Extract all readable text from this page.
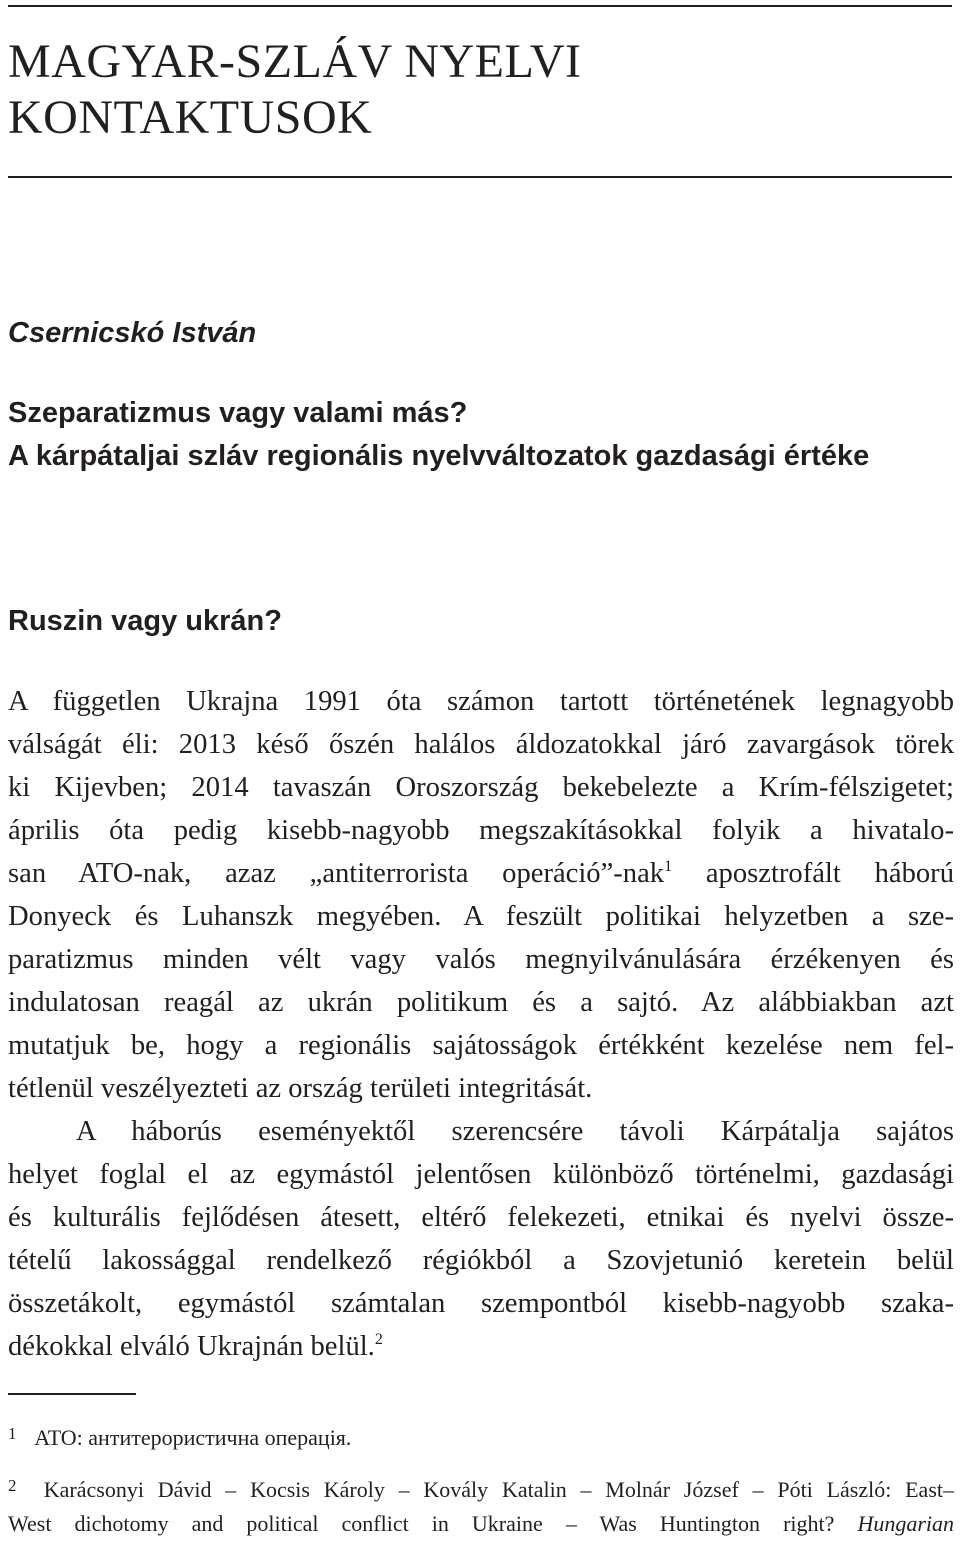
MAGYAR-SZLÁV NYELVI
KONTAKTUSOK

Csernicskó István

Szeparatizmus vagy valami más?
A kárpátaljai szláv regionális nyelvváltozatok gazdasági értéke
Ruszin vagy ukrán?

A független Ukrajna 1991 óta számon tartott történetének legnagyobb
válságát éli: 2013 késő őszén halálos áldozatokkal járó zavargások törek
ki Kijevben; 2014 tavaszán Oroszország bekebelezte a Krím-félszigetet;
április óta pedig kisebb-nagyobb megszakításokkal folyik a hivatalo-
san ATO-nak, azaz „antiterrorista operáció”-nak$^1$ aposztrofált háború
Donyeck és Luhanszk megyében. A feszült politikai helyzetben a sze-
paratizmus minden vélt vagy valós megnyilvánulására érzékenyen és
indulatosan reagál az ukrán politikum és a sajtó. Az alábbiakban azt
mutatjuk be, hogy a regionális sajátosságok értékként kezelése nem fel-
tétlenül veszélyezteti az ország területi integritását.

A háborús eseményektől szerencsére távoli Kárpátalja sajátos
helyet foglal el az egymástól jelentősen különböző történelmi, gazdasági
és kulturális fejlődésen átesett, eltérő felekezeti, etnikai és nyelvi össze-
tételű lakossággal rendelkező régiókból a Szovjetunió keretein belül
összetákolt, egymástól számtalan szempontból kisebb-nagyobb szaka-
dékokkal elváló Ukrajnán belül.$^2$

1 ATO: антитерористична операція.

2 Karácsonyi Dávid – Kocsis Károly – Kovály Katalin – Molnár József – Póti László: East–
West dichotomy and political conflict in Ukraine – Was Huntington right? Hungarian
